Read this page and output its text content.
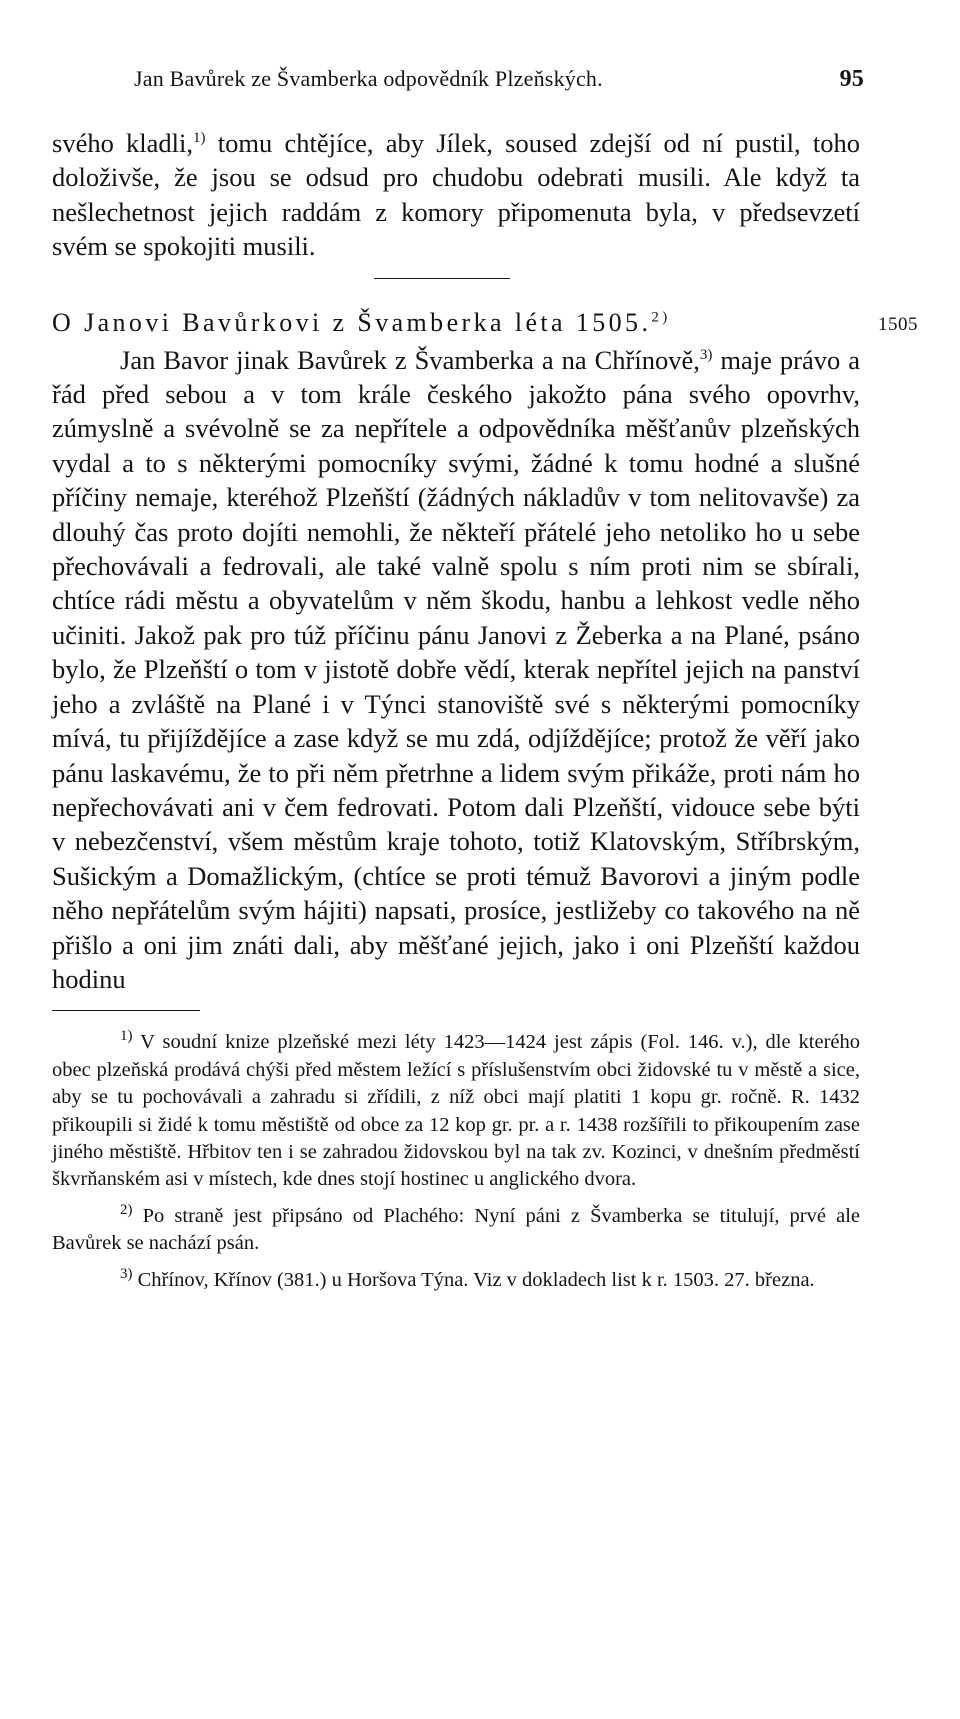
Jan Bavůrek ze Švamberka odpovědník Plzeňských.	95

svého kladli,$^{1)}$ tomu chtějíce, aby Jílek, soused zdejší od ní pustil, toho doloživše, že jsou se odsud pro chudobu odebrati musili. Ale když ta nešlechetnost jejich raddám z komory připomenuta byla, v předsevzetí svém se spokojiti musili.

O Janovi Bavůrkovi z Švamberka léta 1505.$^{2)}$	1505

Jan Bavor jinak Bavůrek z Švamberka a na Chřínově,$^{3)}$ maje právo a řád před sebou a v tom krále českého jakožto pána svého opovrhv, zúmyslně a svévolně se za nepřítele a odpovědníka měšťanův plzeňských vydal a to s některými pomocníky svými, žádné k tomu hodné a slušné příčiny nemaje, kteréhož Plzeňští (žádných nákladův v tom nelitovavše) za dlouhý čas proto dojíti nemohli, že někteří přátelé jeho netoliko ho u sebe přechovávali a fedrovali, ale také valně spolu s ním proti nim se sbírali, chtíce rádi městu a obyvatelům v něm škodu, hanbu a lehkost vedle něho učiniti. Jakož pak pro túž příčinu pánu Janovi z Žeberka a na Plané, psáno bylo, že Plzeňští o tom v jistotě dobře vědí, kterak nepřítel jejich na panství jeho a zvláště na Plané i v Týnci stanoviště své s některými pomocníky mívá, tu přijíždějíce a zase když se mu zdá, odjíždějíce; protož že věří jako pánu laskavému, že to při něm přetrhne a lidem svým přikáže, proti nám ho nepřechovávati ani v čem fedrovati. Potom dali Plzeňští, vidouce sebe býti v nebezčenství, všem městům kraje tohoto, totiž Klatovským, Stříbrským, Sušickým a Domažlickým, (chtíce se proti témuž Bavorovi a jiným podle něho nepřátelům svým hájiti) napsati, prosíce, jestližeby co takového na ně přišlo a oni jim znáti dali, aby měšťané jejich, jako i oni Plzeňští každou hodinu

$^{1)}$ V soudní knize plzeňské mezi léty 1423—1424 jest zápis (Fol. 146. v.), dle kterého obec plzeňská prodává chýši před městem ležící s příslušenstvím obci židovské tu v městě a sice, aby se tu pochovávali a zahradu si zřídili, z níž obci mají platiti 1 kopu gr. ročně. R. 1432 přikoupili si židé k tomu městiště od obce za 12 kop gr. pr. a r. 1438 rozšířili to přikoupením zase jiného městiště. Hřbitov ten i se zahradou židovskou byl na tak zv. Kozinci, v dnešním předměstí škvrňanském asi v místech, kde dnes stojí hostinec u anglického dvora.

$^{2)}$ Po straně jest připsáno od Plachého: Nyní páni z Švamberka se titulují, prvé ale Bavůrek se nachází psán.

$^{3)}$ Chřínov, Křínov (381.) u Horšova Týna. Viz v dokladech list k r. 1503. 27. března.
